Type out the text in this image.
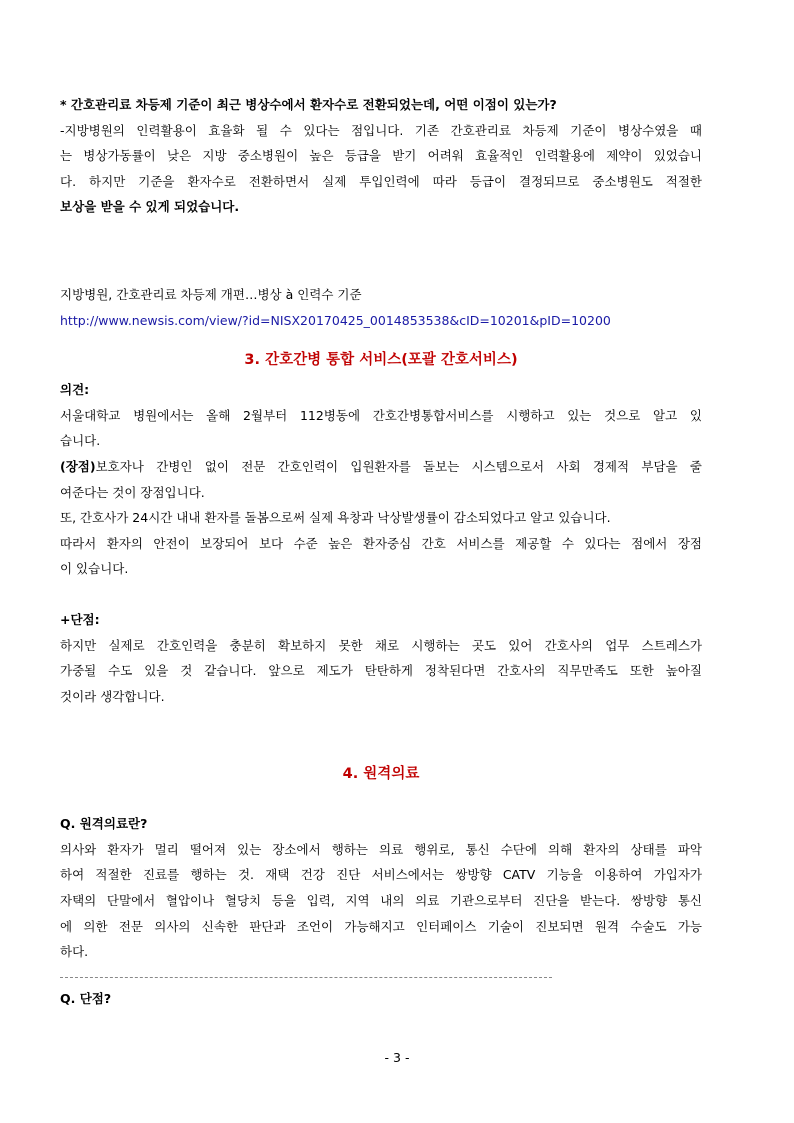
* 간호관리료 차등제 기준이 최근 병상수에서 환자수로 전환되었는데, 어떤 이점이 있는가?

-지방병원의 인력활용이 효율화 될 수 있다는 점입니다. 기존 간호관리료 차등제 기준이 병상수였을 때

는 병상가동률이 낮은 지방 중소병원이 높은 등급을 받기 어려워 효율적인 인력활용에 제약이 있었습니

다. 하지만 기준을 환자수로 전환하면서 실제 투입인력에 따라 등급이 결정되므로 중소병원도 적절한

보상을 받을 수 있게 되었습니다.

지방병원, 간호관리료 차등제 개편…병상 à 인력수 기준

http://www.newsis.com/view/?id=NISX20170425_0014853538&cID=10201&pID=10200

3. 간호간병 통합 서비스(포괄 간호서비스)

의견:

서울대학교 병원에서는 올해 2월부터 112병동에 간호간병통합서비스를 시행하고 있는 것으로 알고 있

습니다.

(장점)보호자나 간병인 없이 전문 간호인력이 입원환자를 돌보는 시스템으로서 사회 경제적 부담을 줄

여준다는 것이 장점입니다.

또, 간호사가 24시간 내내 환자를 돌봄으로써 실제 욕창과 낙상발생률이 감소되었다고 알고 있습니다.

따라서 환자의 안전이 보장되어 보다 수준 높은 환자중심 간호 서비스를 제공할 수 있다는 점에서 장점

이 있습니다.

+단점:

하지만 실제로 간호인력을 충분히 확보하지 못한 채로 시행하는 곳도 있어 간호사의 업무 스트레스가

가중될 수도 있을 것 같습니다. 앞으로 제도가 탄탄하게 정착된다면 간호사의 직무만족도 또한 높아질

것이라 생각합니다.

4. 원격의료

Q. 원격의료란?

의사와 환자가 멀리 떨어져 있는 장소에서 행하는 의료 행위로, 통신 수단에 의해 환자의 상태를 파악

하여 적절한 진료를 행하는 것. 재택 건강 진단 서비스에서는 쌍방향 CATV 기능을 이용하여 가입자가

자택의 단말에서 혈압이나 혈당치 등을 입력, 지역 내의 의료 기관으로부터 진단을 받는다. 쌍방향 통신

에 의한 전문 의사의 신속한 판단과 조언이 가능해지고 인터페이스 기술이 진보되면 원격 수술도 가능

하다.

Q. 단점?

- 3 -
